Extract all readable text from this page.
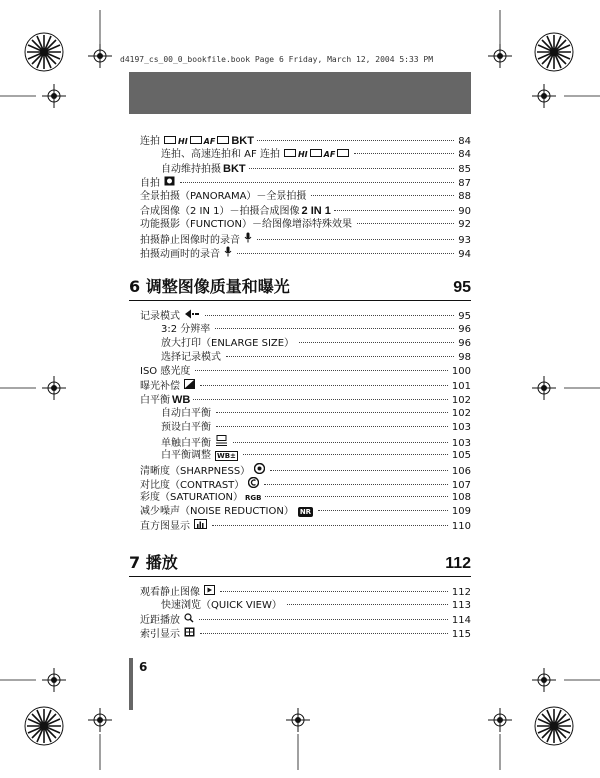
d4197_cs_00_0_bookfile.book Page 6 Friday, March 12, 2004 5:33 PM
连拍 HI AF BKT	84
连拍、高速连拍和 AF 连拍 HI AF	84
自动维持拍摄 BKT	85
自拍	87
全景拍摄（PANORAMA）－全景拍摄	88
合成图像（2 IN 1）－拍摄合成图像 2 IN 1	90
功能摄影（FUNCTION）－给图像增添特殊效果	92
拍摄静止图像时的录音	93
拍摄动画时的录音	94
6 调整图像质量和曝光	95
记录模式	95
3:2 分辨率	96
放大打印（ENLARGE SIZE）	96
选择记录模式	98
ISO 感光度	100
曝光补偿	101
白平衡 WB	102
自动白平衡	102
预设白平衡	103
单触白平衡	103
白平衡调整 WB±	105
清晰度（SHARPNESS）	106
对比度（CONTRAST）	107
彩度（SATURATION） RGB	108
减少噪声（NOISE REDUCTION） NR	109
直方图显示	110
7 播放	112
观看静止图像	112
快速浏览（QUICK VIEW）	113
近距播放	114
索引显示	115
6
